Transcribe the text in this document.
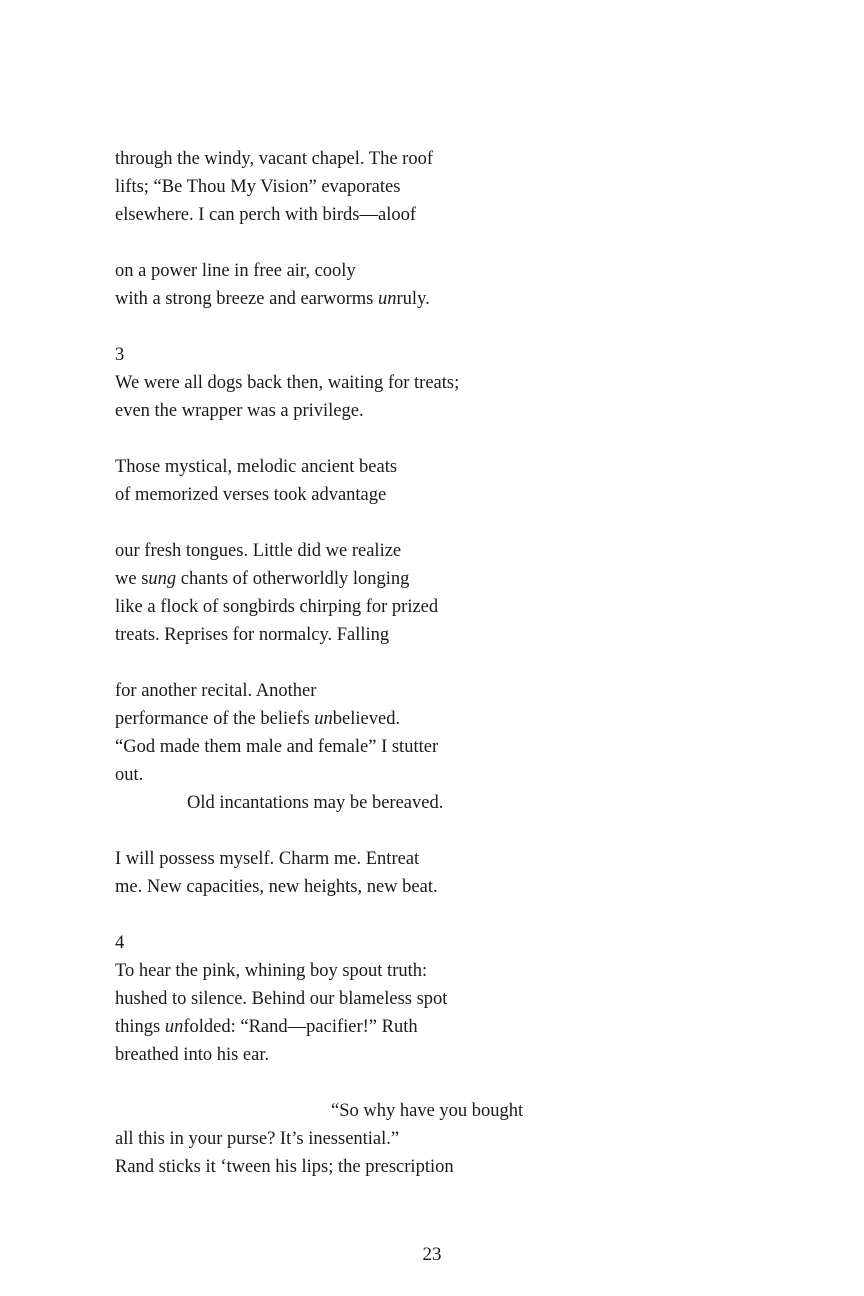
through the windy, vacant chapel. The roof
lifts; “Be Thou My Vision” evaporates
elsewhere. I can perch with birds—aloof
on a power line in free air, cooly
with a strong breeze and earworms unruly.
3
We were all dogs back then, waiting for treats;
even the wrapper was a privilege.
Those mystical, melodic ancient beats
of memorized verses took advantage
our fresh tongues. Little did we realize
we sung chants of otherworldly longing
like a flock of songbirds chirping for prized
treats. Reprises for normalcy. Falling
for another recital. Another
performance of the beliefs unbelieved.
“God made them male and female” I stutter
out.
Old incantations may be bereaved.
I will possess myself. Charm me. Entreat
me. New capacities, new heights, new beat.
4
To hear the pink, whining boy spout truth:
hushed to silence. Behind our blameless spot
things unfolded: “Rand—pacifier!” Ruth
breathed into his ear.
“So why have you bought
all this in your purse? It’s inessential.”
Rand sticks it ‘tween his lips; the prescription
23
